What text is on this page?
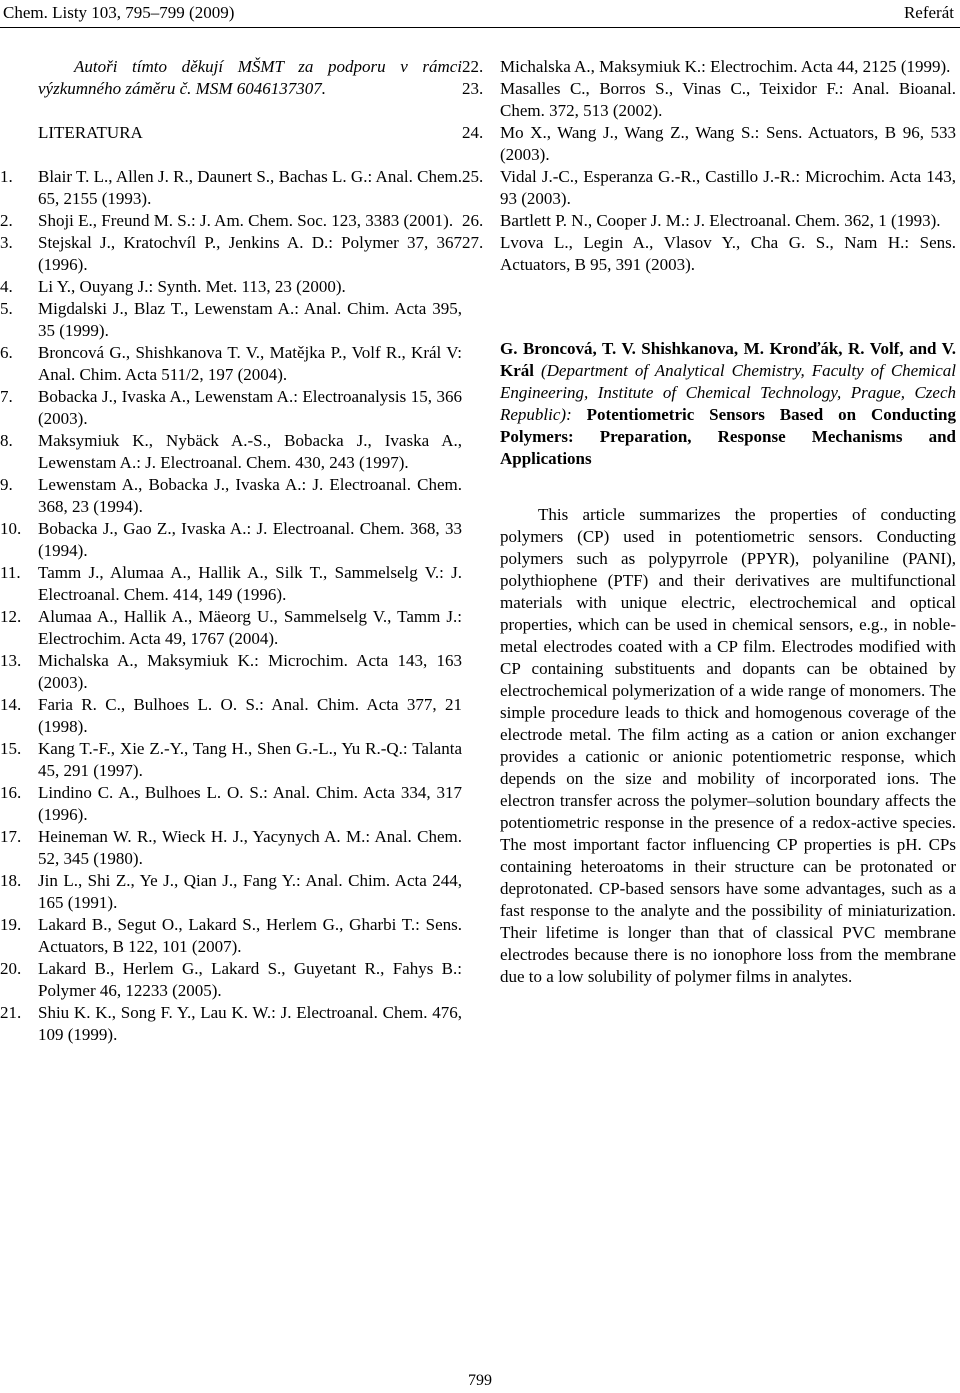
Chem. Listy 103, 795–799 (2009)	Referát

Autoři tímto děkují MŠMT za podporu v rámci výzkumného záměru č. MSM 6046137307.

LITERATURA
1.	Blair T. L., Allen J. R., Daunert S., Bachas L. G.: Anal. Chem. 65, 2155 (1993).
2.	Shoji E., Freund M. S.: J. Am. Chem. Soc. 123, 3383 (2001).
3.	Stejskal J., Kratochvíl P., Jenkins A. D.: Polymer 37, 367 (1996).
4.	Li Y., Ouyang J.: Synth. Met. 113, 23 (2000).
5.	Migdalski J., Blaz T., Lewenstam A.: Anal. Chim. Acta 395, 35 (1999).
6.	Broncová G., Shishkanova T. V., Matějka P., Volf R., Král V: Anal. Chim. Acta 511/2, 197 (2004).
7.	Bobacka J., Ivaska A., Lewenstam A.: Electroanalysis 15, 366 (2003).
8.	Maksymiuk K., Nybäck A.-S., Bobacka J., Ivaska A., Lewenstam A.: J. Electroanal. Chem. 430, 243 (1997).
9.	Lewenstam A., Bobacka J., Ivaska A.: J. Electroanal. Chem. 368, 23 (1994).
10. Bobacka J., Gao Z., Ivaska A.: J. Electroanal. Chem. 368, 33 (1994).
11.	Tamm J., Alumaa A., Hallik A., Silk T., Sammelselg V.: J. Electroanal. Chem. 414, 149 (1996).
12. Alumaa A., Hallik A., Mäeorg U., Sammelselg V., Tamm J.: Electrochim. Acta 49, 1767 (2004).
13. Michalska A., Maksymiuk K.: Microchim. Acta 143, 163 (2003).
14. Faria R. C., Bulhoes L. O. S.: Anal. Chim. Acta 377, 21 (1998).
15. Kang T.-F., Xie Z.-Y., Tang H., Shen G.-L., Yu R.-Q.: Talanta 45, 291 (1997).
16. Lindino C. A., Bulhoes L. O. S.: Anal. Chim. Acta 334, 317 (1996).
17. Heineman W. R., Wieck H. J., Yacynych A. M.: Anal. Chem. 52, 345 (1980).
18. Jin L., Shi Z., Ye J., Qian J., Fang Y.: Anal. Chim. Acta 244, 165 (1991).
19. Lakard B., Segut O., Lakard S., Herlem G., Gharbi T.: Sens. Actuators, B 122, 101 (2007).
20. Lakard B., Herlem G., Lakard S., Guyetant R., Fahys B.: Polymer 46, 12233 (2005).
21. Shiu K. K., Song F. Y., Lau K. W.: J. Electroanal. Chem. 476, 109 (1999).
22. Michalska A., Maksymiuk K.: Electrochim. Acta 44, 2125 (1999).
23. Masalles C., Borros S., Vinas C., Teixidor F.: Anal. Bioanal. Chem. 372, 513 (2002).
24. Mo X., Wang J., Wang Z., Wang S.: Sens. Actuators, B 96, 533 (2003).
25. Vidal J.-C., Esperanza G.-R., Castillo J.-R.: Microchim. Acta 143, 93 (2003).
26. Bartlett P. N., Cooper J. M.: J. Electroanal. Chem. 362, 1 (1993).
27. Lvova L., Legin A., Vlasov Y., Cha G. S., Nam H.: Sens. Actuators, B 95, 391 (2003).
G. Broncová, T. V. Shishkanova, M. Kronďák, R. Volf, and V. Král (Department of Analytical Chemistry, Faculty of Chemical Engineering, Institute of Chemical Technology, Prague, Czech Republic): Potentiometric Sensors Based on Conducting Polymers: Preparation, Response Mechanisms and Applications
This article summarizes the properties of conducting polymers (CP) used in potentiometric sensors. Conducting polymers such as polypyrrole (PPYR), polyaniline (PANI), polythiophene (PTF) and their derivatives are multifunctional materials with unique electric, electrochemical and optical properties, which can be used in chemical sensors, e.g., in noble-metal electrodes coated with a CP film. Electrodes modified with CP containing substituents and dopants can be obtained by electrochemical polymerization of a wide range of monomers. The simple procedure leads to thick and homogenous coverage of the electrode metal. The film acting as a cation or anion exchanger provides a cationic or anionic potentiometric response, which depends on the size and mobility of incorporated ions. The electron transfer across the polymer–solution boundary affects the potentiometric response in the presence of a redox-active species. The most important factor influencing CP properties is pH. CPs containing heteroatoms in their structure can be protonated or deprotonated. CP-based sensors have some advantages, such as a fast response to the analyte and the possibility of miniaturization. Their lifetime is longer than that of classical PVC membrane electrodes because there is no ionophore loss from the membrane due to a low solubility of polymer films in analytes.
799
